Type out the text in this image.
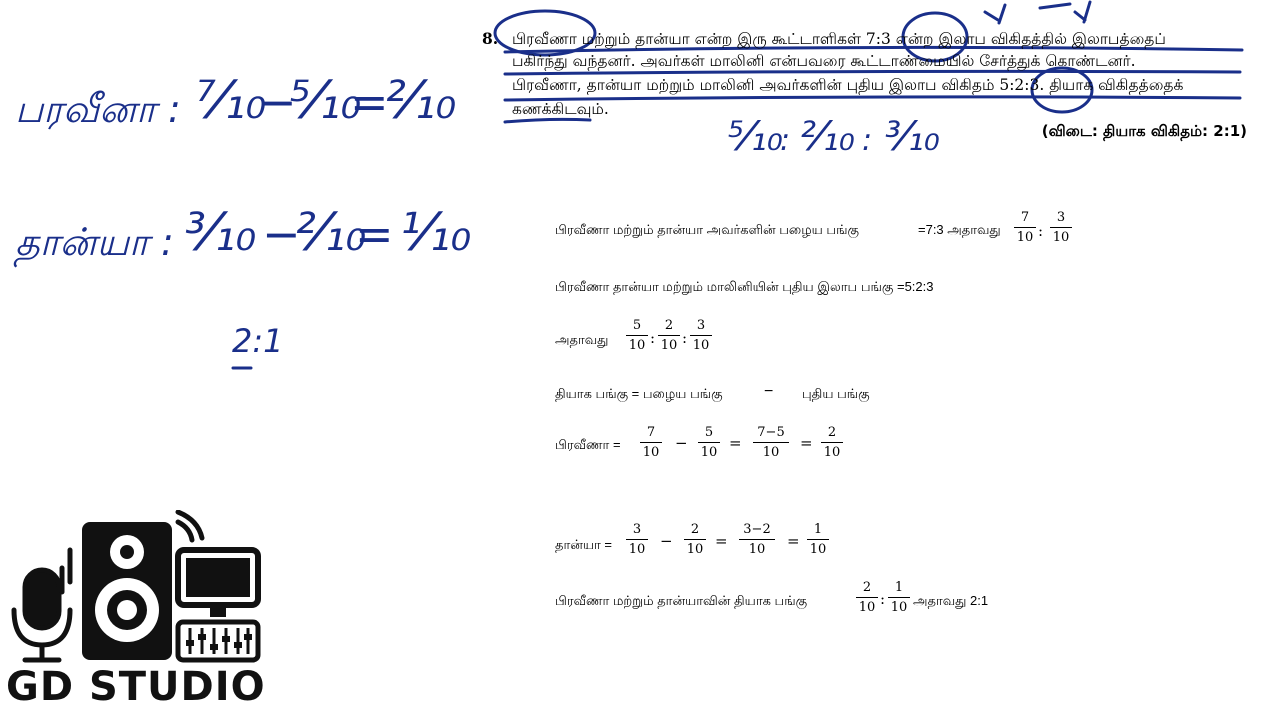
பரவீனா : ⁷⁄₁₀
−
⁵⁄₁₀
=
²⁄₁₀
தான்யா : ³⁄₁₀ −
²⁄₁₀
= ¹⁄₁₀
2:1
⁵⁄₁₀
: ²⁄₁₀ : ³⁄₁₀
8. பிரவீணா மற்றும் தான்யா என்ற இரு கூட்டாளிகள் 7:3 என்ற இலாப விகிதத்தில் இலாபத்தைப்
பகிர்ந்து வந்தனர். அவர்கள் மாலினி என்பவரை கூட்டாண்மையில் சேர்த்துக் கொண்டனர்.
பிரவீணா, தான்யா மற்றும் மாலினி அவர்களின் புதிய இலாப விகிதம் 5:2:3. தியாக விகிதத்தைக்
கணக்கிடவும்.
(விடை: தியாக விகிதம்: 2:1)
பிரவீணா மற்றும் தான்யா அவர்களின் பழைய பங்கு	=7:3 அதாவது $\frac{7}{10}$ : $\frac{3}{10}$
பிரவீணா தான்யா மற்றும் மாலினியின் புதிய இலாப பங்கு =5:2:3
அதாவது $\frac{5}{10}$ : $\frac{2}{10}$ : $\frac{3}{10}$
தியாக பங்கு = பழைய பங்கு	− புதிய பங்கு
பிரவீணா = $\frac{7}{10} - \frac{5}{10} = \frac{7-5}{10} = \frac{2}{10}$
தான்யா = $\frac{3}{10} - \frac{2}{10} = \frac{3-2}{10} = \frac{1}{10}$
பிரவீணா மற்றும் தான்யாவின் தியாக பங்கு	$\frac{2}{10}$ : $\frac{1}{10}$ அதாவது 2:1
GD STUDIO
